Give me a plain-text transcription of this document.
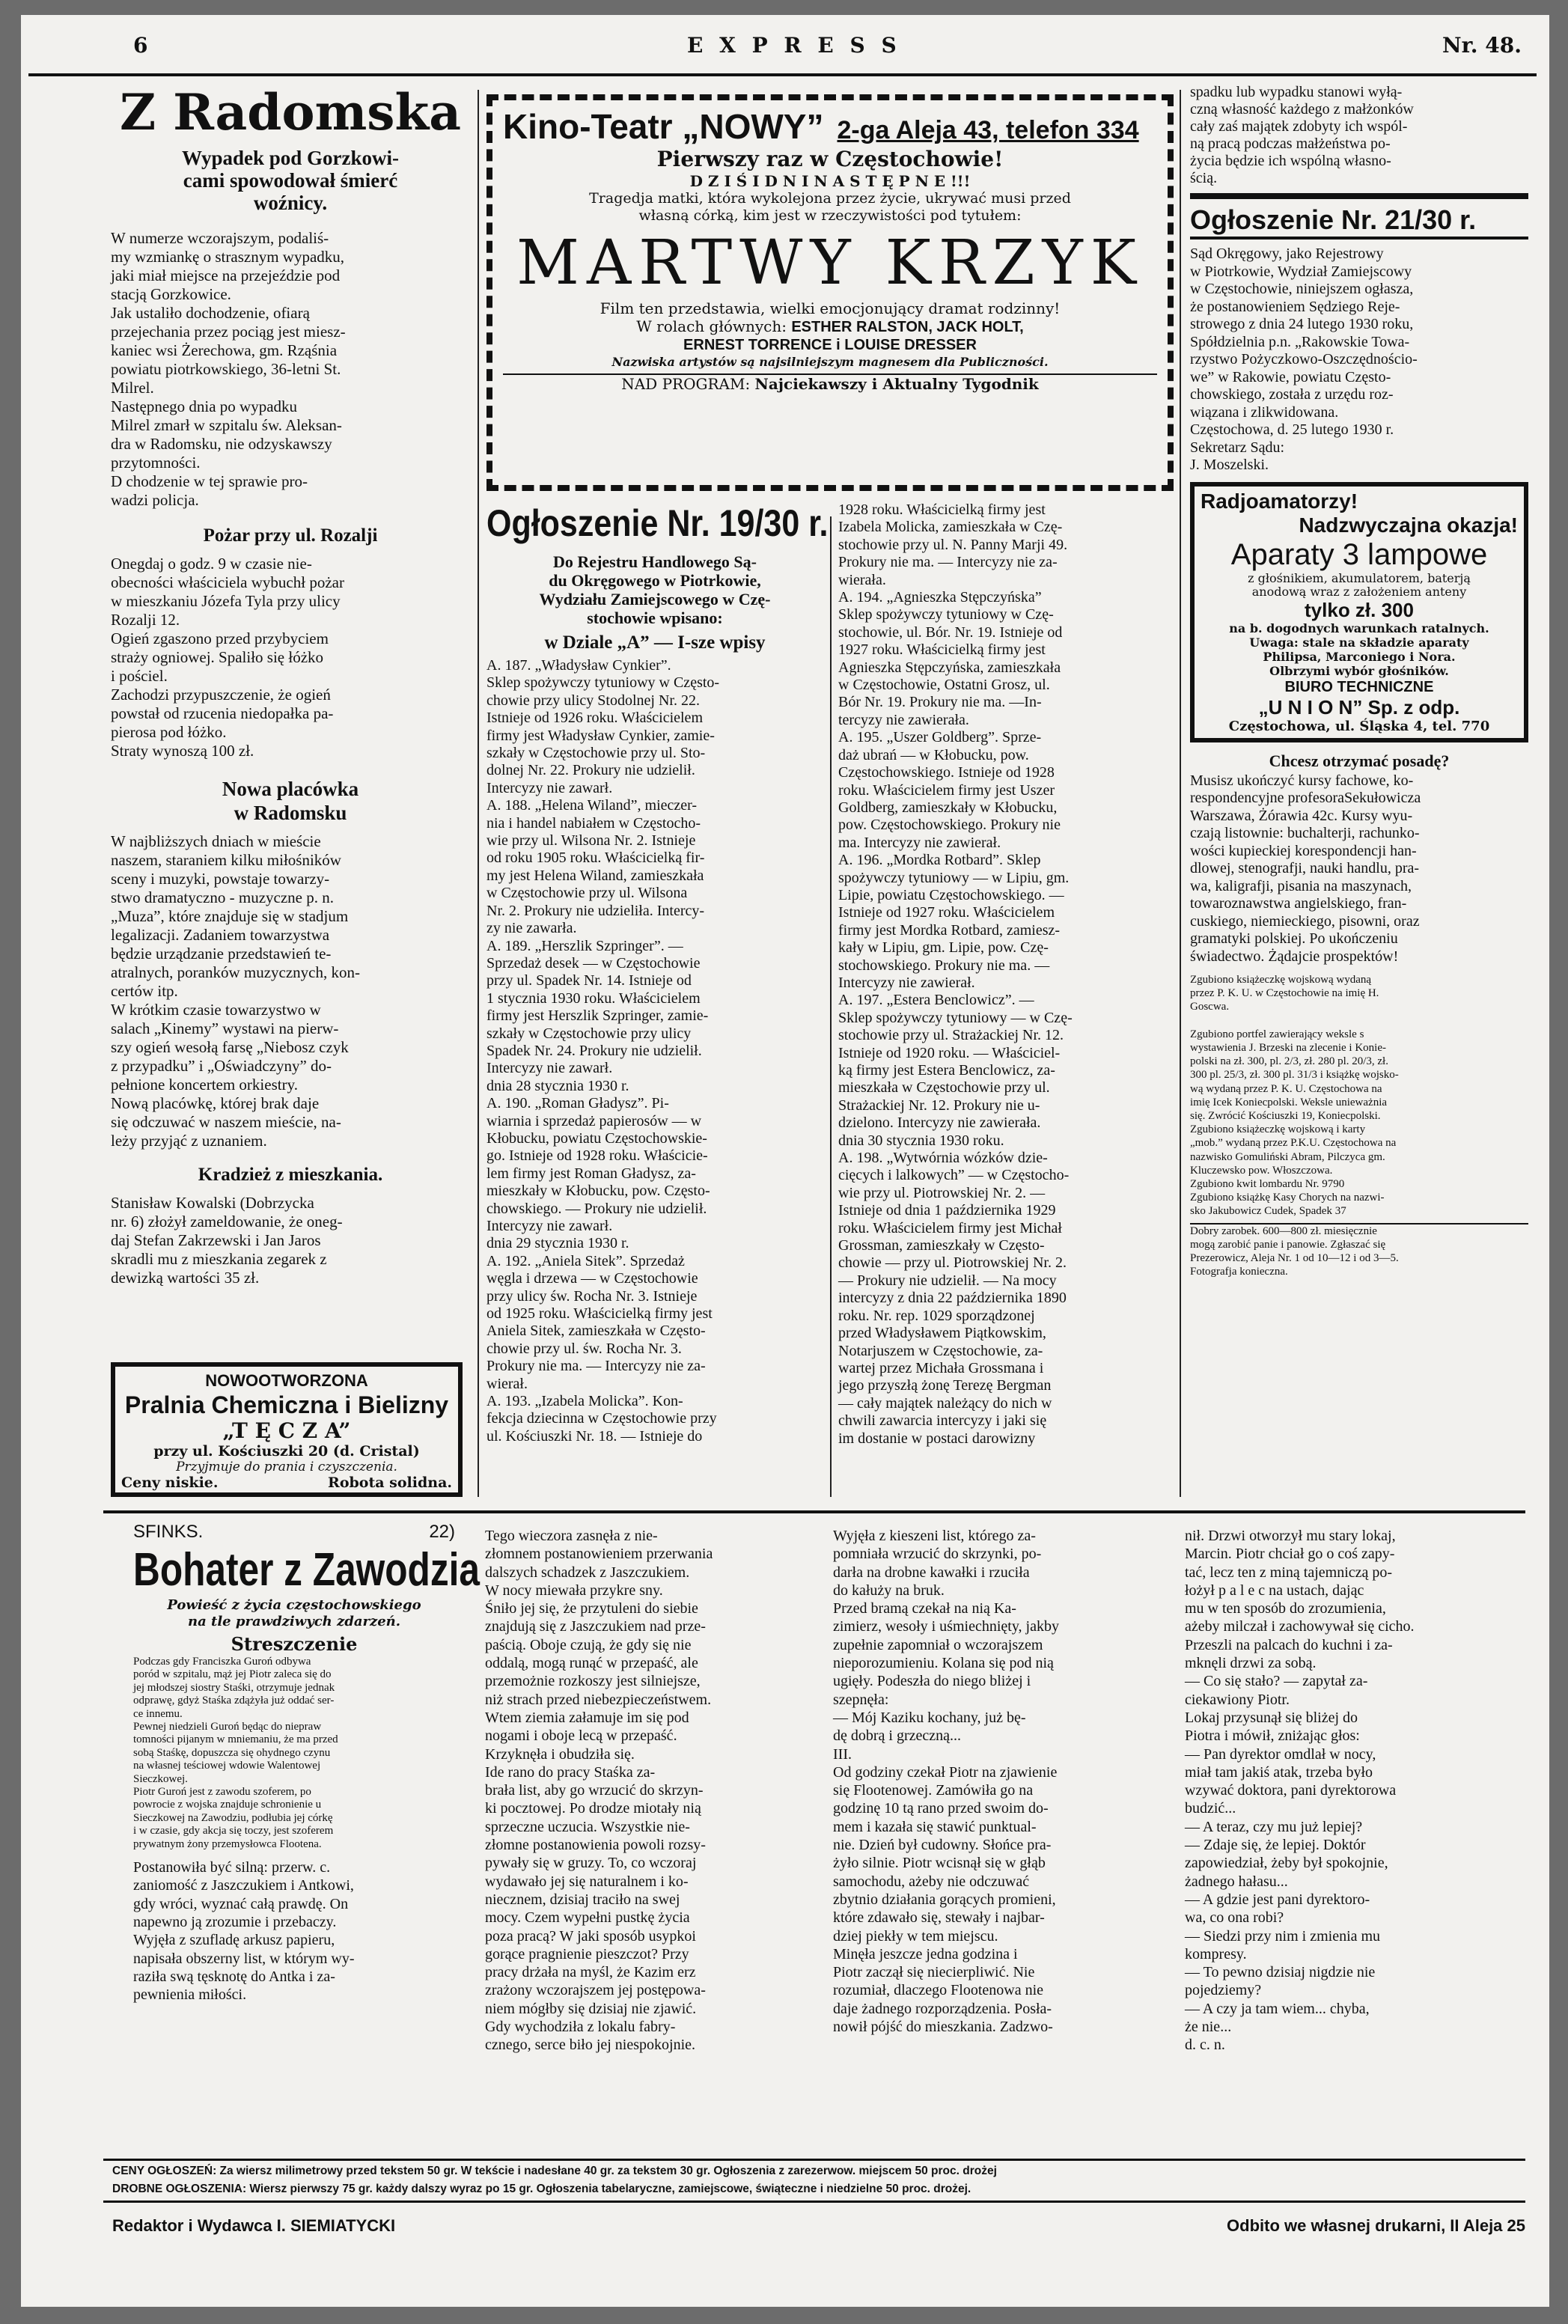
6	E X P R E S S	Nr. 48.
Z Radomska
Wypadek pod Gorzkowi-
cami spowodował śmierć
woźnicy.

W numerze wczorajszym, podaliś-
my wzmiankę o strasznym wypadku,
jaki miał miejsce na przejeździe pod
stacją Gorzkowice.
Jak ustaliło dochodzenie, ofiarą
przejechania przez pociąg jest miesz-
kaniec wsi Żerechowa, gm. Rząśnia
powiatu piotrkowskiego, 36-letni St.
Milrel.
Następnego dnia po wypadku
Milrel zmarł w szpitalu św. Aleksan-
dra w Radomsku, nie odzyskawszy
przytomności.
D chodzenie w tej sprawie pro-
wadzi policja.

Pożar przy ul. Rozalji

Onegdaj o godz. 9 w czasie nie-
obecności właściciela wybuchł pożar
w mieszkaniu Józefa Tyla przy ulicy
Rozalji 12.
Ogień zgaszono przed przybyciem
straży ogniowej. Spaliło się łóżko
i pościel.
Zachodzi przypuszczenie, że ogień
powstał od rzucenia niedopałka pa-
pierosa pod łóżko.
Straty wynoszą 100 zł.

Nowa placówka
w Radomsku

W najbliższych dniach w mieście
naszem, staraniem kilku miłośników
sceny i muzyki, powstaje towarzy-
stwo dramatyczno - muzyczne p. n.
„Muza”, które znajduje się w stadjum
legalizacji. Zadaniem towarzystwa
będzie urządzanie przedstawień te-
atralnych, poranków muzycznych, kon-
certów itp.
W krótkim czasie towarzystwo w
salach „Kinemy” wystawi na pierw-
szy ogień wesołą farsę „Niebosz czyk
z przypadku” i „Oświadczyny” do-
pełnione koncertem orkiestry.
Nową placówkę, której brak daje
się odczuwać w naszem mieście, na-
leży przyjąć z uznaniem.

Kradzież z mieszkania.

Stanisław Kowalski (Dobrzycka
nr. 6) złożył zameldowanie, że oneg-
daj Stefan Zakrzewski i Jan Jaros
skradli mu z mieszkania zegarek z
dewizką wartości 35 zł.

NOWOOTWORZONA
Pralnia Chemiczna i Bielizny
„T Ę C Z A”
przy ul. Kościuszki 20 (d. Cristal)
Przyjmuje do prania i czyszczenia.
Ceny niskie.	Robota solidna.
Kino-Teatr „NOWY” 2-ga Aleja 43, telefon 334
Pierwszy raz w Częstochowie!
D Z I Ś I D N I N A S T Ę P N E !!!
Tragedja matki, która wykolejona przez życie, ukrywać musi przed
własną córką, kim jest w rzeczywistości pod tytułem:
MARTWY KRZYK
Film ten przedstawia, wielki emocjonujący dramat rodzinny!
W rolach głównych: ESTHER RALSTON, JACK HOLT,
ERNEST TORRENCE i LOUISE DRESSER
Nazwiska artystów są najsilniejszym magnesem dla Publiczności.
NAD PROGRAM: Najciekawszy i Aktualny Tygodnik
Ogłoszenie Nr. 19/30 r.
Do Rejestru Handlowego Są-
du Okręgowego w Piotrkowie,
Wydziału Zamiejscowego w Czę-
stochowie wpisano:
w Dziale „A” — I-sze wpisy

A. 187. „Władysław Cynkier”.
Sklep spożywczy tytuniowy w Często-
chowie przy ulicy Stodolnej Nr. 22.
Istnieje od 1926 roku. Właścicielem
firmy jest Władysław Cynkier, zamie-
szkały w Częstochowie przy ul. Sto-
dolnej Nr. 22. Prokury nie udzielił.
Intercyzy nie zawarł.
A. 188. „Helena Wiland”, mieczer-
nia i handel nabiałem w Częstocho-
wie przy ul. Wilsona Nr. 2. Istnieje
od roku 1905 roku. Właścicielką fir-
my jest Helena Wiland, zamieszkała
w Częstochowie przy ul. Wilsona
Nr. 2. Prokury nie udzieliła. Intercy-
zy nie zawarła.
A. 189. „Herszlik Szpringer”. —
Sprzedaż desek — w Częstochowie
przy ul. Spadek Nr. 14. Istnieje od
1 stycznia 1930 roku. Właścicielem
firmy jest Herszlik Szpringer, zamie-
szkały w Częstochowie przy ulicy
Spadek Nr. 24. Prokury nie udzielił.
Intercyzy nie zawarł.
dnia 28 stycznia 1930 r.
A. 190. „Roman Gładysz”. Pi-
wiarnia i sprzedaż papierosów — w
Kłobucku, powiatu Częstochowskie-
go. Istnieje od 1928 roku. Właścicie-
lem firmy jest Roman Gładysz, za-
mieszkały w Kłobucku, pow. Często-
chowskiego. — Prokury nie udzielił.
Intercyzy nie zawarł.
dnia 29 stycznia 1930 r.
A. 192. „Aniela Sitek”. Sprzedaż
węgla i drzewa — w Częstochowie
przy ulicy św. Rocha Nr. 3. Istnieje
od 1925 roku. Właścicielką firmy jest
Aniela Sitek, zamieszkała w Często-
chowie przy ul. św. Rocha Nr. 3.
Prokury nie ma. — Intercyzy nie za-
wierał.
A. 193. „Izabela Molicka”. Kon-
fekcja dziecinna w Częstochowie przy
ul. Kościuszki Nr. 18. — Istnieje do

1928 roku. Właścicielką firmy jest
Izabela Molicka, zamieszkała w Czę-
stochowie przy ul. N. Panny Marji 49.
Prokury nie ma. — Intercyzy nie za-
wierała.
A. 194. „Agnieszka Stępczyńska”
Sklep spożywczy tytuniowy w Czę-
stochowie, ul. Bór. Nr. 19. Istnieje od
1927 roku. Właścicielką firmy jest
Agnieszka Stępczyńska, zamieszkała
w Częstochowie, Ostatni Grosz, ul.
Bór Nr. 19. Prokury nie ma. —In-
tercyzy nie zawierała.
A. 195. „Uszer Goldberg”. Sprze-
daż ubrań — w Kłobucku, pow.
Częstochowskiego. Istnieje od 1928
roku. Właścicielem firmy jest Uszer
Goldberg, zamieszkały w Kłobucku,
pow. Częstochowskiego. Prokury nie
ma. Intercyzy nie zawierał.
A. 196. „Mordka Rotbard”. Sklep
spożywczy tytuniowy — w Lipiu, gm.
Lipie, powiatu Częstochowskiego. —
Istnieje od 1927 roku. Właścicielem
firmy jest Mordka Rotbard, zamiesz-
kały w Lipiu, gm. Lipie, pow. Czę-
stochowskiego. Prokury nie ma. —
Intercyzy nie zawierał.
A. 197. „Estera Benclowicz”. —
Sklep spożywczy tytuniowy — w Czę-
stochowie przy ul. Strażackiej Nr. 12.
Istnieje od 1920 roku. — Właściciel-
ką firmy jest Estera Benclowicz, za-
mieszkała w Częstochowie przy ul.
Strażackiej Nr. 12. Prokury nie u-
dzielono. Intercyzy nie zawierała.
dnia 30 stycznia 1930 roku.
A. 198. „Wytwórnia wózków dzie-
cięcych i lalkowych” — w Częstocho-
wie przy ul. Piotrowskiej Nr. 2. —
Istnieje od dnia 1 października 1929
roku. Właścicielem firmy jest Michał
Grossman, zamieszkały w Często-
chowie — przy ul. Piotrowskiej Nr. 2.
— Prokury nie udzielił. — Na mocy
intercyzy z dnia 22 października 1890
roku. Nr. rep. 1029 sporządzonej
przed Władysławem Piątkowskim,
Notarjuszem w Częstochowie, za-
wartej przez Michała Grossmana i
jego przyszłą żonę Terezę Bergman
— cały majątek należący do nich w
chwili zawarcia intercyzy i jaki się
im dostanie w postaci darowizny

spadku lub wypadku stanowi wyłą-
czną własność każdego z małżonków
cały zaś majątek zdobyty ich wspól-
ną pracą podczas małżeństwa po-
życia będzie ich wspólną własno-
ścią.

Ogłoszenie Nr. 21/30 r.

Sąd Okręgowy, jako Rejestrowy
w Piotrkowie, Wydział Zamiejscowy
w Częstochowie, niniejszem ogłasza,
że postanowieniem Sędziego Reje-
strowego z dnia 24 lutego 1930 roku,
Spółdzielnia p.n. „Rakowskie Towa-
rzystwo Pożyczkowo-Oszczędnościo-
we” w Rakowie, powiatu Często-
chowskiego, została z urzędu roz-
wiązana i zlikwidowana.
Częstochowa, d. 25 lutego 1930 r.
Sekretarz Sądu:
J. Moszelski.

Radjoamatorzy!
Nadzwyczajna okazja!
Aparaty 3 lampowe
z głośnikiem, akumulatorem, baterją
anodową wraz z założeniem anteny
tylko zł. 300
na b. dogodnych warunkach ratalnych.
Uwaga: stale na składzie aparaty
Philipsa, Marconiego i Nora.
Olbrzymi wybór głośników.
BIURO TECHNICZNE
„U N I O N” Sp. z odp.
Częstochowa, ul. Śląska 4, tel. 770
Chcesz otrzymać posadę?

Musisz ukończyć kursy fachowe, ko-
respondencyjne profesoraSekułowicza
Warszawa, Żórawia 42c. Kursy wyu-
czają listownie: buchalterji, rachunko-
wości kupieckiej korespondencji han-
dlowej, stenografji, nauki handlu, pra-
wa, kaligrafji, pisania na maszynach,
towaroznawstwa angielskiego, fran-
cuskiego, niemieckiego, pisowni, oraz
gramatyki polskiej. Po ukończeniu
świadectwo. Żądajcie prospektów!

Zgubiono książeczkę wojskową wydaną
przez P. K. U. w Częstochowie na imię H.
Goscwa.

Zgubiono portfel zawierający weksle s
wystawienia J. Brzeski na zlecenie i Konie-
polski na zł. 300, pl. 2/3, zł. 280 pl. 20/3, zł.
300 pl. 25/3, zł. 300 pl. 31/3 i książkę wojsko-
wą wydaną przez P. K. U. Częstochowa na
imię Icek Koniecpolski. Weksle unieważnia
się. Zwrócić Kościuszki 19, Koniecpolski.
Zgubiono książeczkę wojskową i karty
„mob.” wydaną przez P.K.U. Częstochowa na
nazwisko Gomuliński Abram, Pilczyca gm.
Kluczewsko pow. Włoszczowa.
Zgubiono kwit lombardu Nr. 9790
Zgubiono książkę Kasy Chorych na nazwi-
sko Jakubowicz Cudek, Spadek 37

Dobry zarobek. 600—800 zł. miesięcznie
mogą zarobić panie i panowie. Zgłaszać się
Prezerowicz, Aleja Nr. 1 od 10—12 i od 3—5.
Fotografja konieczna.

SFINKS.	22)
Bohater z Zawodzia
Powieść z życia częstochowskiego
na tle prawdziwych zdarzeń.
Streszczenie

Podczas gdy Franciszka Guroń odbywa
poród w szpitalu, mąż jej Piotr zaleca się do
jej młodszej siostry Staśki, otrzymuje jednak
odprawę, gdyż Staśka zdążyła już oddać ser-
ce innemu.
Pewnej niedzieli Guroń będąc do niepraw
tomności pijanym w mniemaniu, że ma przed
sobą Staśkę, dopuszcza się ohydnego czynu
na własnej teściowej wdowie Walentowej
Sieczkowej.
Piotr Guroń jest z zawodu szoferem, po
powrocie z wojska znajduje schronienie u
Sieczkowej na Zawodziu, podłubia jej córkę
i w czasie, gdy akcja się toczy, jest szoferem
prywatnym żony przemysłowca Flootena.

Postanowiła być silną: przerw. c.
zaniomość z Jaszczukiem i Antkowi,
gdy wróci, wyznać całą prawdę. On
napewno ją zrozumie i przebaczy.
Wyjęła z szufladę arkusz papieru,
napisała obszerny list, w którym wy-
raziła swą tęsknotę do Antka i za-
pewnienia miłości.

Tego wieczora zasnęła z nie-
złomnem postanowieniem przerwania
dalszych schadzek z Jaszczukiem.
W nocy miewała przykre sny.
Śniło jej się, że przytuleni do siebie
znajdują się z Jaszczukiem nad prze-
paścią. Oboje czują, że gdy się nie
oddalą, mogą runąć w przepaść, ale
przemożnie rozkoszy jest silniejsze,
niż strach przed niebezpieczeństwem.
Wtem ziemia załamuje im się pod
nogami i oboje lecą w przepaść.
Krzyknęła i obudziła się.
Ide rano do pracy Staśka za-
brała list, aby go wrzucić do skrzyn-
ki pocztowej. Po drodze miotały nią
sprzeczne uczucia. Wszystkie nie-
złomne postanowienia powoli rozsy-
pywały się w gruzy. To, co wczoraj
wydawało jej się naturalnem i ko-
niecznem, dzisiaj traciło na swej
mocy. Czem wypełni pustkę życia
poza pracą? W jaki sposób usypkoi
gorące pragnienie pieszczot? Przy
pracy drżała na myśl, że Kazim erz
zrażony wczorajszem jej postępowa-
niem mógłby się dzisiaj nie zjawić.
Gdy wychodziła z lokalu fabry-
cznego, serce biło jej niespokojnie.

Wyjęła z kieszeni list, którego za-
pomniała wrzucić do skrzynki, po-
darła na drobne kawałki i rzuciła
do kałuży na bruk.
Przed bramą czekał na nią Ka-
zimierz, wesoły i uśmiechnięty, jakby
zupełnie zapomniał o wczorajszem
nieporozumieniu. Kolana się pod nią
ugięły. Podeszła do niego bliżej i
szepnęła:
— Mój Kaziku kochany, już bę-
dę dobrą i grzeczną...
III.
Od godziny czekał Piotr na zjawienie
się Flootenowej. Zamówiła go na
godzinę 10 tą rano przed swoim do-
mem i kazała się stawić punktual-
nie. Dzień był cudowny. Słońce pra-
żyło silnie. Piotr wcisnął się w głąb
samochodu, ażeby nie odczuwać
zbytnio działania gorących promieni,
które zdawało się, stewały i najbar-
dziej piekły w tem miejscu.
Minęła jeszcze jedna godzina i
Piotr zaczął się niecierpliwić. Nie
rozumiał, dlaczego Flootenowa nie
daje żadnego rozporządzenia. Posła-
nowił pójść do mieszkania. Zadzwo-

nił. Drzwi otworzył mu stary lokaj,
Marcin. Piotr chciał go o coś zapy-
tać, lecz ten z miną tajemniczą po-
łożył p a l e c na ustach, dając
mu w ten sposób do zrozumienia,
ażeby milczał i zachowywał się cicho.
Przeszli na palcach do kuchni i za-
mknęli drzwi za sobą.
— Co się stało? — zapytał za-
ciekawiony Piotr.
Lokaj przysunął się bliżej do
Piotra i mówił, zniżając głos:
— Pan dyrektor omdlał w nocy,
miał tam jakiś atak, trzeba było
wzywać doktora, pani dyrektorowa
budzić...
— A teraz, czy mu już lepiej?
— Zdaje się, że lepiej. Doktór
zapowiedział, żeby był spokojnie,
żadnego hałasu...
— A gdzie jest pani dyrektoro-
wa, co ona robi?
— Siedzi przy nim i zmienia mu
kompresy.
— To pewno dzisiaj nigdzie nie
pojedziemy?
— A czy ja tam wiem... chyba,
że nie...
d. c. n.

CENY OGŁOSZEŃ: Za wiersz milimetrowy przed tekstem 50 gr. W tekście i nadesłane 40 gr. za tekstem 30 gr. Ogłoszenia z zarezerwow. miejscem 50 proc. drożej
DROBNE OGŁOSZENIA: Wiersz pierwszy 75 gr. każdy dalszy wyraz po 15 gr. Ogłoszenia tabelaryczne, zamiejscowe, świąteczne i niedzielne 50 proc. drożej.
Redaktor i Wydawca I. SIEMIATYCKI	Odbito we własnej drukarni, II Aleja 25
